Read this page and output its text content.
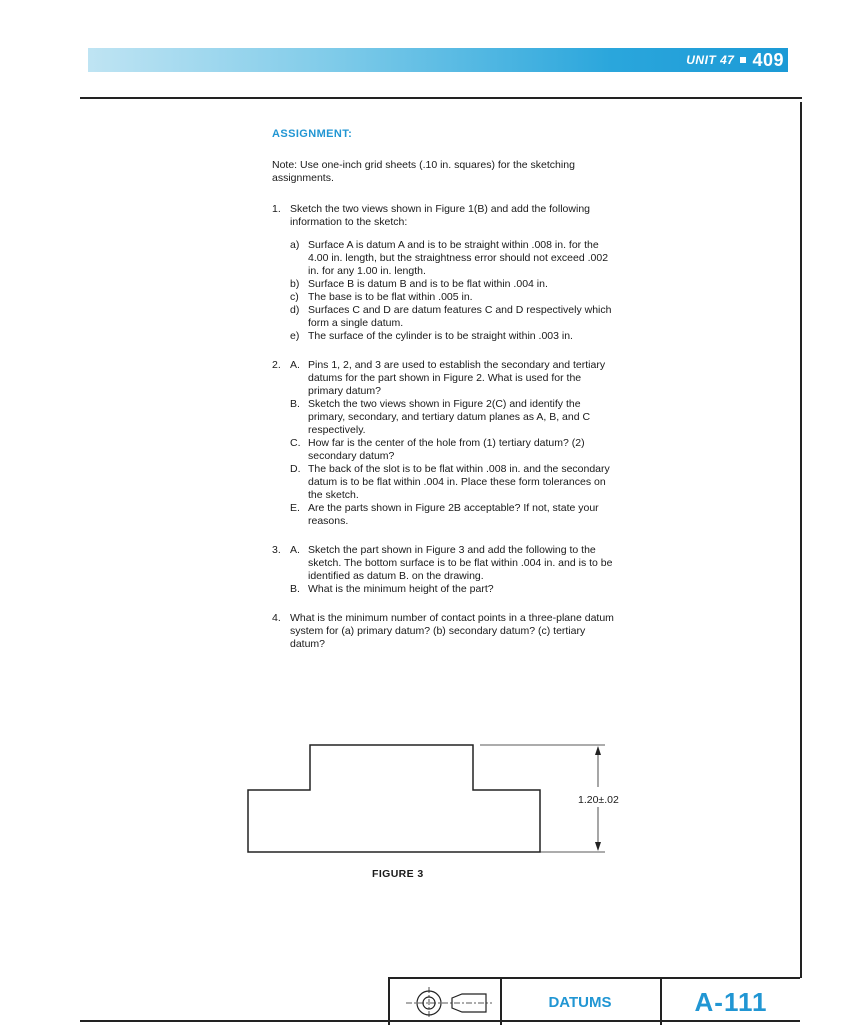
UNIT 47 409
ASSIGNMENT:
Note: Use one-inch grid sheets (.10 in. squares) for the sketching assignments.
1. Sketch the two views shown in Figure 1(B) and add the following information to the sketch:
a) Surface A is datum A and is to be straight within .008 in. for the 4.00 in. length, but the straightness error should not exceed .002 in. for any 1.00 in. length.
b) Surface B is datum B and is to be flat within .004 in.
c) The base is to be flat within .005 in.
d) Surfaces C and D are datum features C and D respectively which form a single datum.
e) The surface of the cylinder is to be straight within .003 in.
2. A. Pins 1, 2, and 3 are used to establish the secondary and tertiary datums for the part shown in Figure 2. What is used for the primary datum?
B. Sketch the two views shown in Figure 2(C) and identify the primary, secondary, and tertiary datum planes as A, B, and C respectively.
C. How far is the center of the hole from (1) tertiary datum? (2) secondary datum?
D. The back of the slot is to be flat within .008 in. and the secondary datum is to be flat within .004 in. Place these form tolerances on the sketch.
E. Are the parts shown in Figure 2B acceptable? If not, state your reasons.
3. A. Sketch the part shown in Figure 3 and add the following to the sketch. The bottom surface is to be flat within .004 in. and is to be identified as datum B. on the drawing.
B. What is the minimum height of the part?
4. What is the minimum number of contact points in a three-plane datum system for (a) primary datum? (b) secondary datum? (c) tertiary datum?
1.20±.02
FIGURE 3
DATUMS	A-111
